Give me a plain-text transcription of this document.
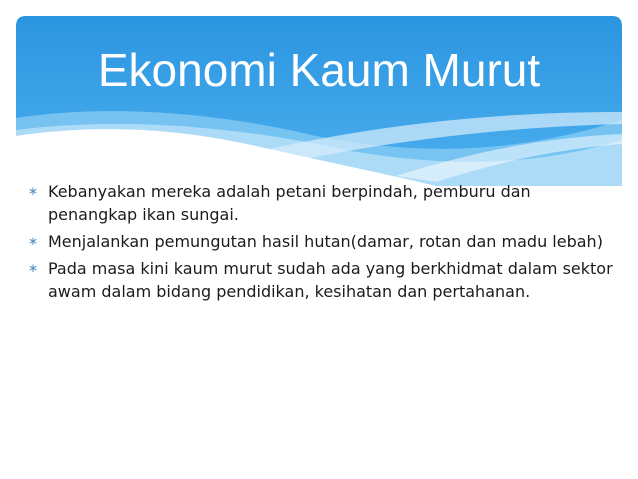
Ekonomi Kaum Murut
∗ Kebanyakan mereka adalah petani berpindah, pemburu dan penangkap ikan sungai.
∗ Menjalankan pemungutan hasil hutan(damar, rotan dan madu lebah)
∗ Pada masa kini kaum murut sudah ada yang berkhidmat dalam sektor awam dalam bidang pendidikan, kesihatan dan pertahanan.
